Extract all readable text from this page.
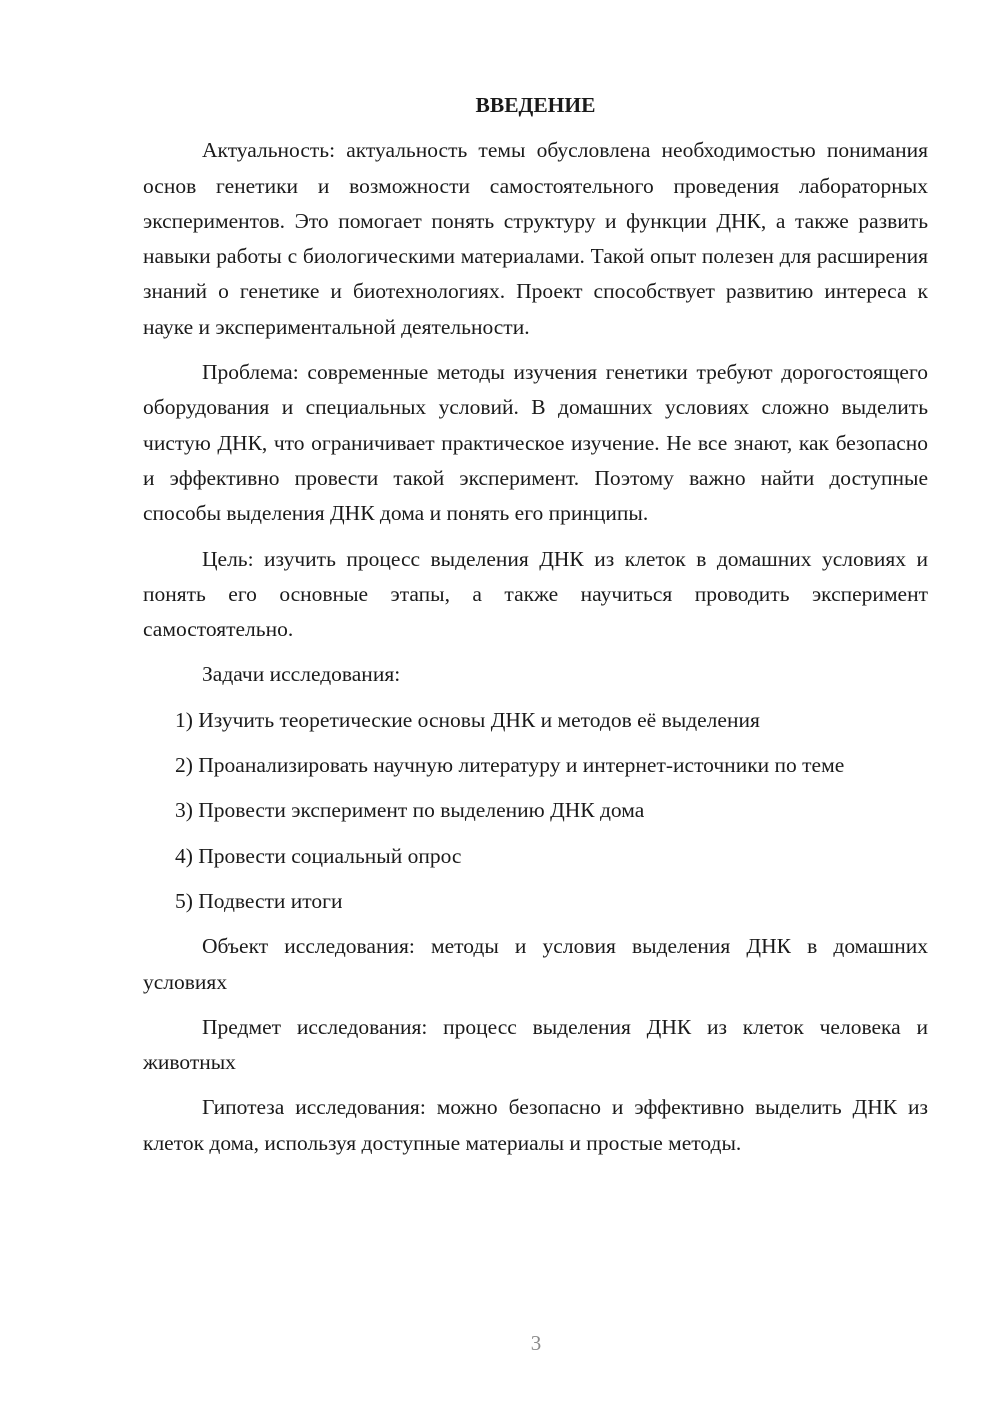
ВВЕДЕНИЕ

Актуальность: актуальность темы обусловлена необходимостью понимания основ генетики и возможности самостоятельного проведения лабораторных экспериментов. Это помогает понять структуру и функции ДНК, а также развить навыки работы с биологическими материалами. Такой опыт полезен для расширения знаний о генетике и биотехнологиях. Проект способствует развитию интереса к науке и экспериментальной деятельности.

Проблема: современные методы изучения генетики требуют дорогостоящего оборудования и специальных условий. В домашних условиях сложно выделить чистую ДНК, что ограничивает практическое изучение. Не все знают, как безопасно и эффективно провести такой эксперимент. Поэтому важно найти доступные способы выделения ДНК дома и понять его принципы.

Цель: изучить процесс выделения ДНК из клеток в домашних условиях и понять его основные этапы, а также научиться проводить эксперимент самостоятельно.

Задачи исследования:

1) Изучить теоретические основы ДНК и методов её выделения

2) Проанализировать научную литературу и интернет-источники по теме

3) Провести эксперимент по выделению ДНК дома

4) Провести социальный опрос

5) Подвести итоги

Объект исследования: методы и условия выделения ДНК в домашних условиях

Предмет исследования: процесс выделения ДНК из клеток человека и животных

Гипотеза исследования: можно безопасно и эффективно выделить ДНК из клеток дома, используя доступные материалы и простые методы.

3
